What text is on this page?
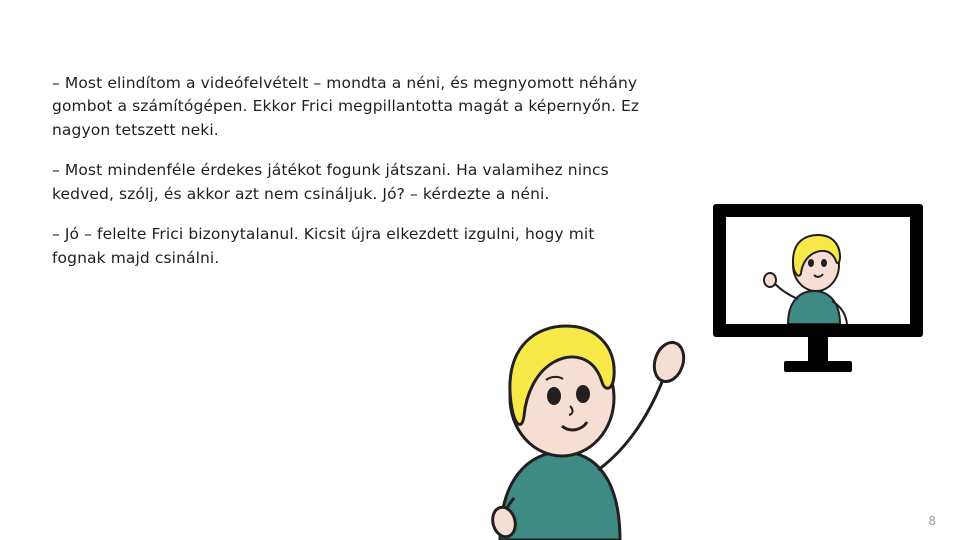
– Most elindítom a videófelvételt – mondta a néni, és megnyomott néhány gombot a számítógépen. Ekkor Frici megpillantotta magát a képernyőn. Ez nagyon tetszett neki.

– Most mindenféle érdekes játékot fogunk játszani. Ha valamihez nincs kedved, szólj, és akkor azt nem csináljuk. Jó? – kérdezte a néni.

– Jó – felelte Frici bizonytalanul. Kicsit újra elkezdett izgulni, hogy mit fognak majd csinálni.

8
